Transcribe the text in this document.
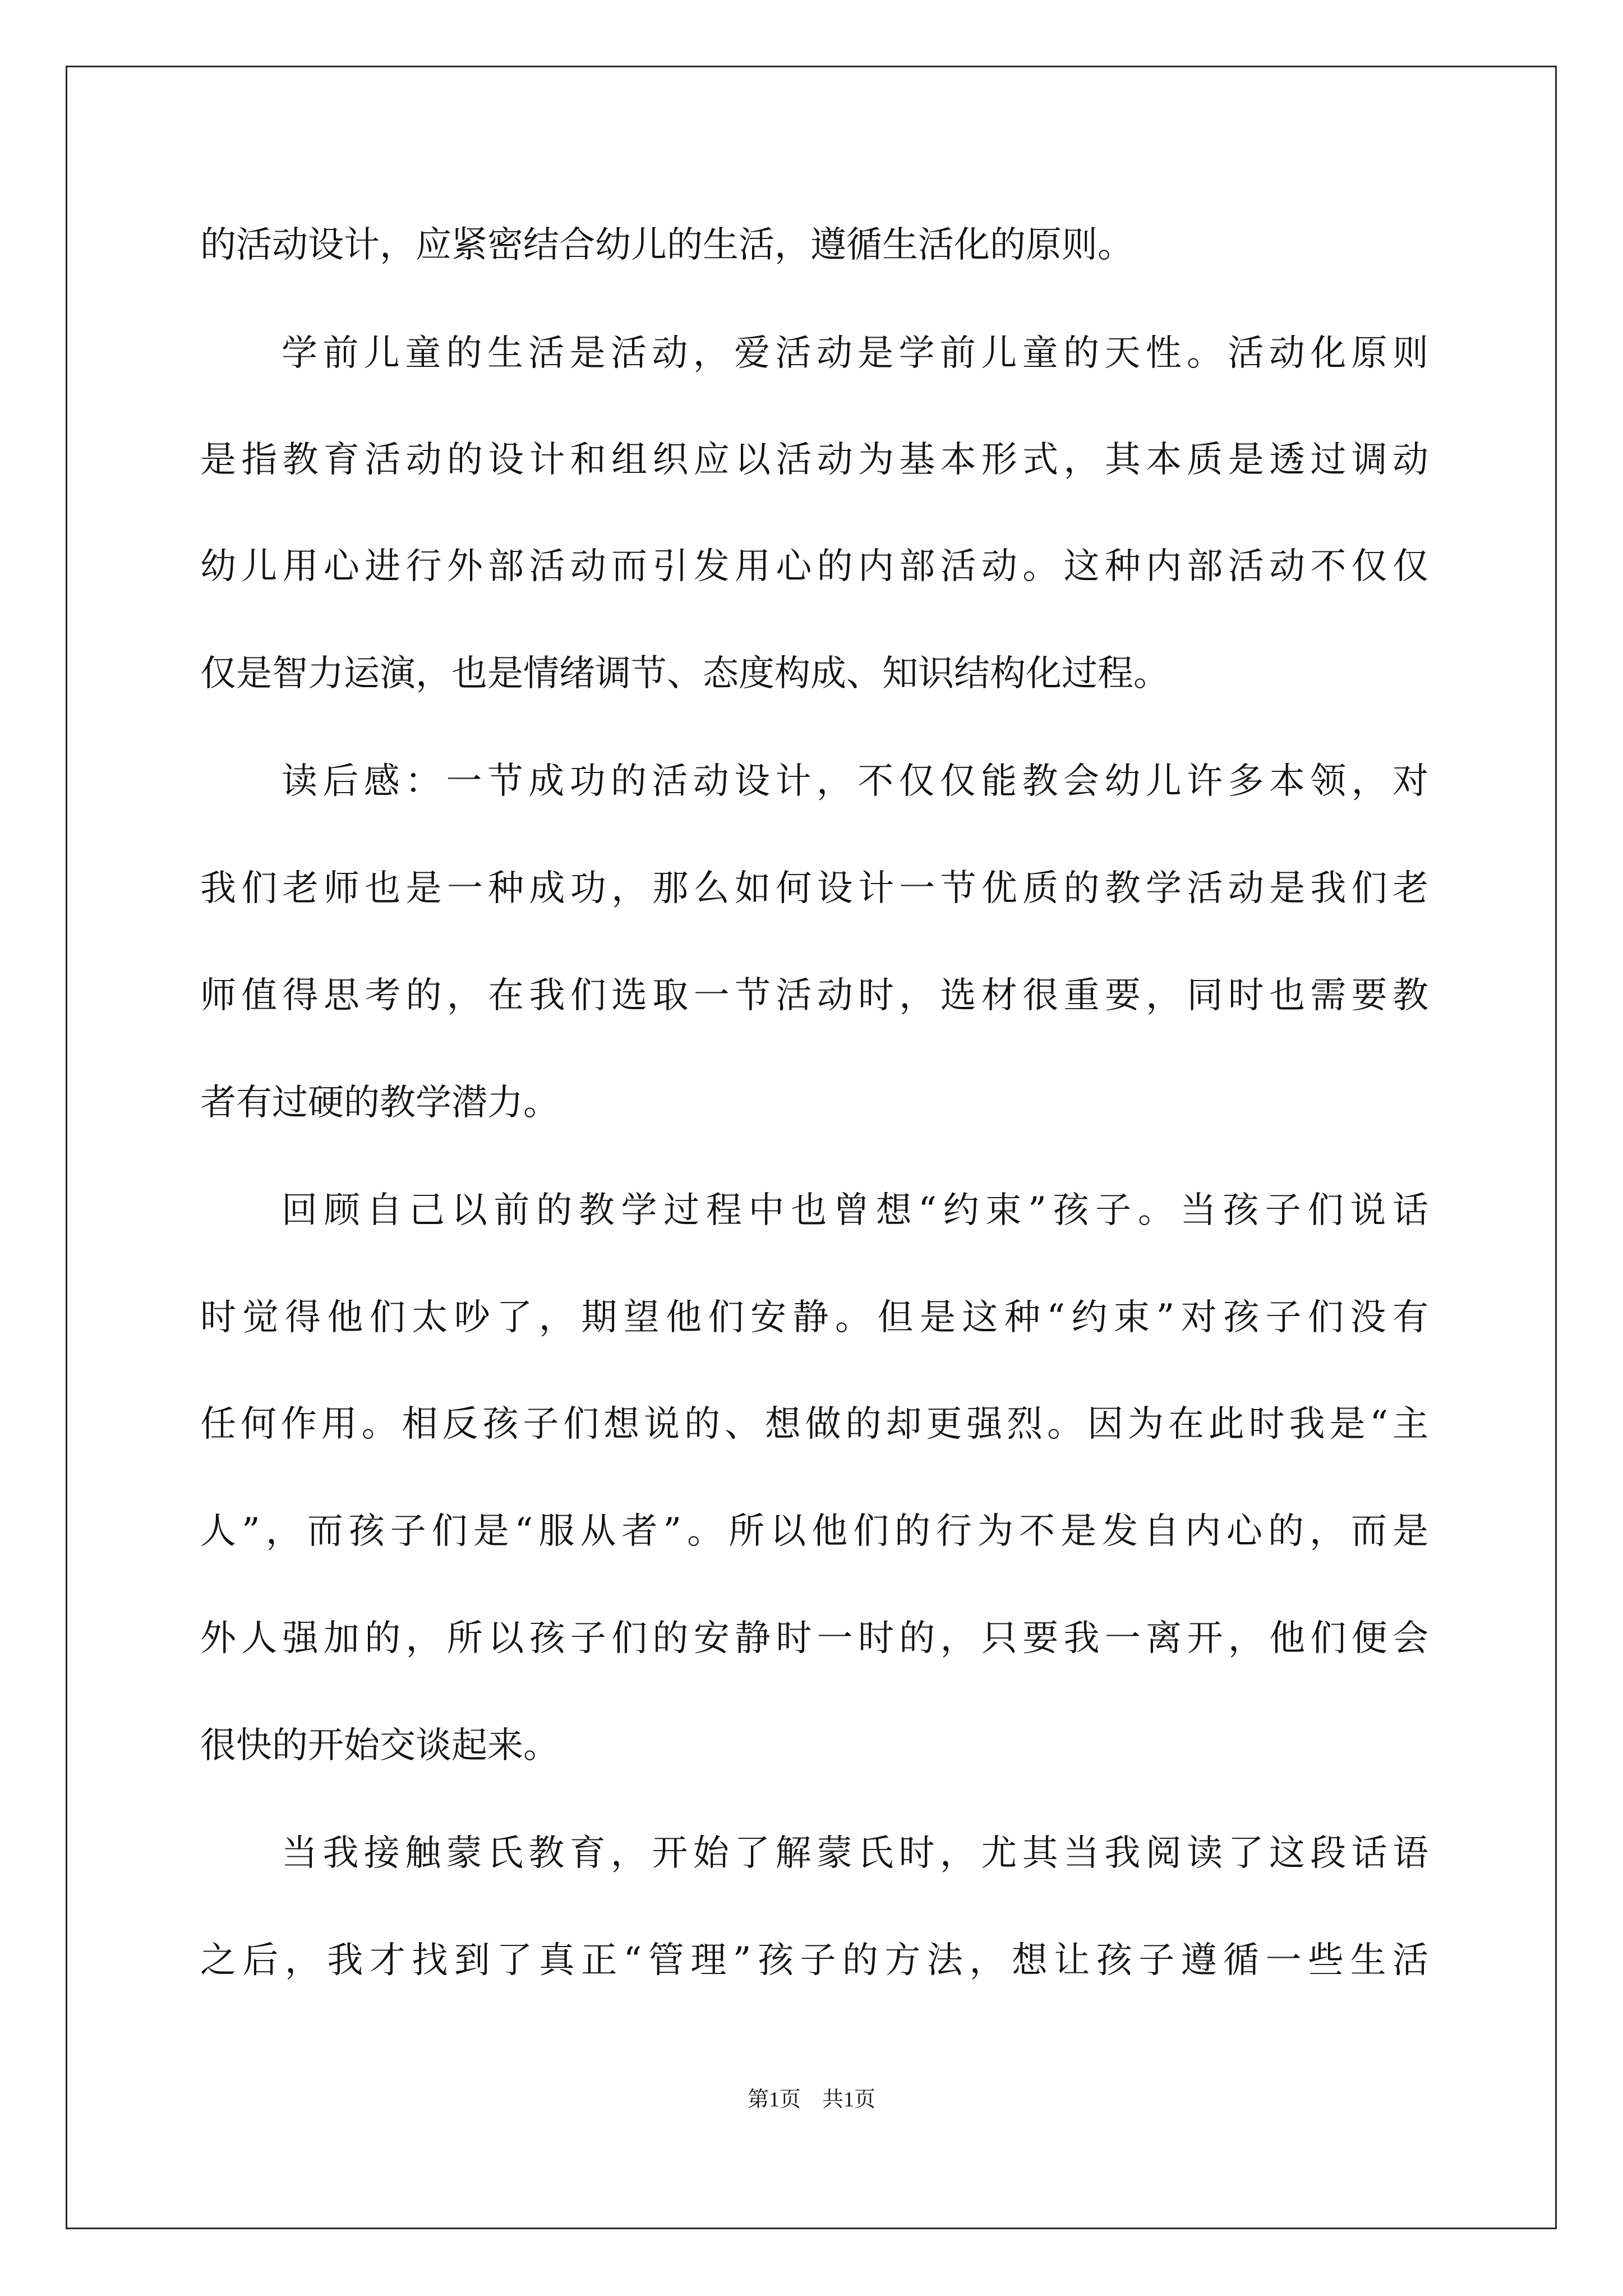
的活动设计，应紧密结合幼儿的生活，遵循生活化的原则。
学前儿童的生活是活动，爱活动是学前儿童的天性。活动化原则
是指教育活动的设计和组织应以活动为基本形式，其本质是透过调动
幼儿用心进行外部活动而引发用心的内部活动。这种内部活动不仅仅
仅是智力运演，也是情绪调节、态度构成、知识结构化过程。
读后感：一节成功的活动设计，不仅仅能教会幼儿许多本领，对
我们老师也是一种成功，那么如何设计一节优质的教学活动是我们老
师值得思考的，在我们选取一节活动时，选材很重要，同时也需要教
者有过硬的教学潜力。
回顾自己以前的教学过程中也曾想“约束”孩子。当孩子们说话
时觉得他们太吵了，期望他们安静。但是这种“约束”对孩子们没有
任何作用。相反孩子们想说的、想做的却更强烈。因为在此时我是“主
人”，而孩子们是“服从者”。所以他们的行为不是发自内心的，而是
外人强加的，所以孩子们的安静时一时的，只要我一离开，他们便会
很快的开始交谈起来。
当我接触蒙氏教育，开始了解蒙氏时，尤其当我阅读了这段话语
之后，我才找到了真正“管理”孩子的方法，想让孩子遵循一些生活
第1页 共1页
